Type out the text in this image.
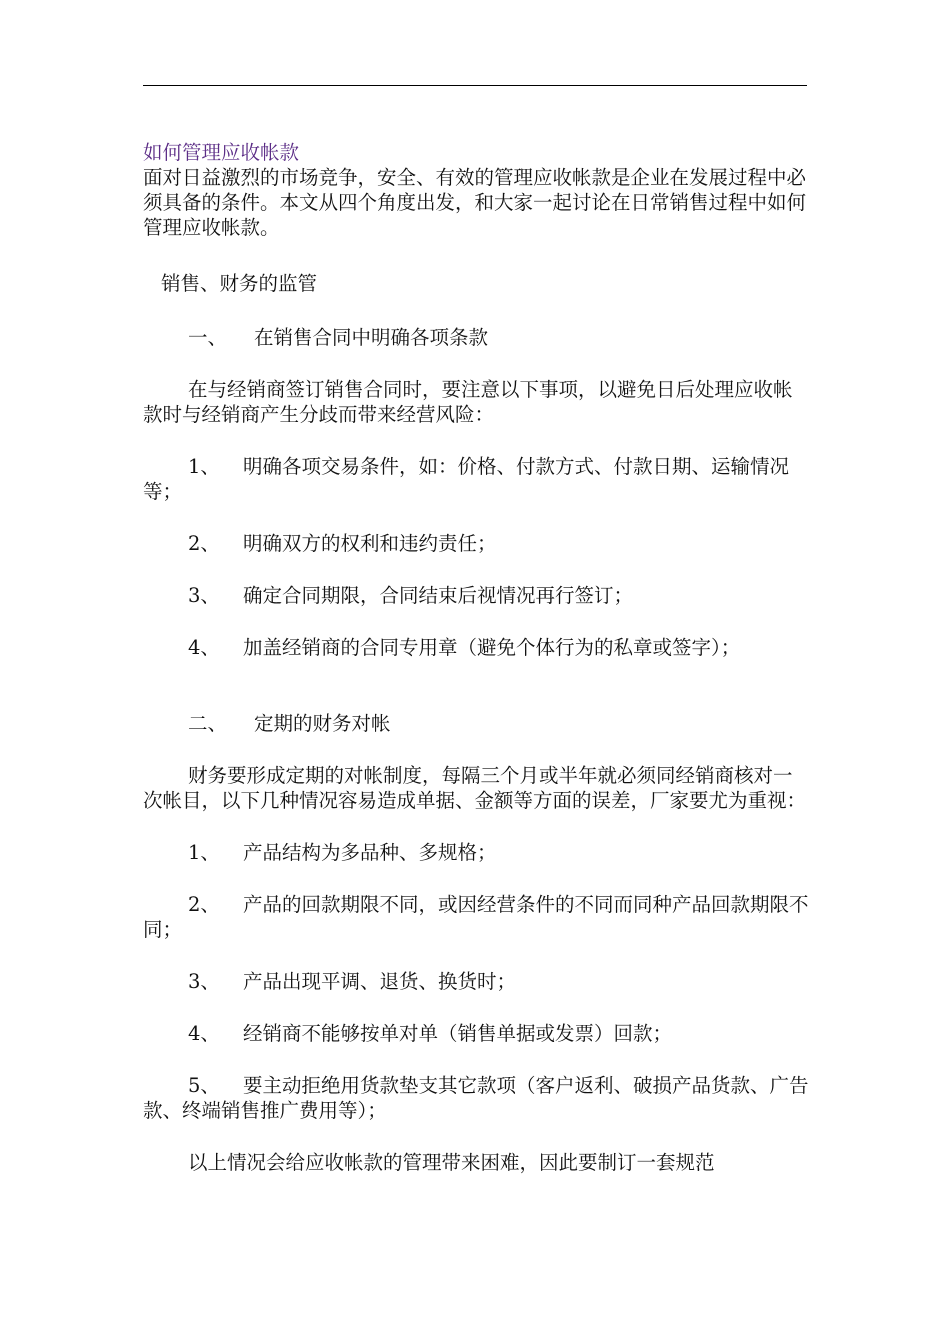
如何管理应收帐款

面对日益激烈的市场竞争，安全、有效的管理应收帐款是企业在发展过程中必须具备的条件。本文从四个角度出发，和大家一起讨论在日常销售过程中如何管理应收帐款。

销售、财务的监管

一、 在销售合同中明确各项条款

在与经销商签订销售合同时，要注意以下事项，以避免日后处理应收帐款时与经销商产生分歧而带来经营风险：

1、 明确各项交易条件，如：价格、付款方式、付款日期、运输情况等；

2、 明确双方的权利和违约责任；

3、 确定合同期限，合同结束后视情况再行签订；

4、 加盖经销商的合同专用章（避免个体行为的私章或签字）；

二、 定期的财务对帐

财务要形成定期的对帐制度，每隔三个月或半年就必须同经销商核对一次帐目，以下几种情况容易造成单据、金额等方面的误差，厂家要尤为重视：

1、 产品结构为多品种、多规格；

2、 产品的回款期限不同，或因经营条件的不同而同种产品回款期限不同；

3、 产品出现平调、退货、换货时；

4、 经销商不能够按单对单（销售单据或发票）回款；

5、 要主动拒绝用货款垫支其它款项（客户返利、破损产品货款、广告款、终端销售推广费用等）；

以上情况会给应收帐款的管理带来困难，因此要制订一套规范
